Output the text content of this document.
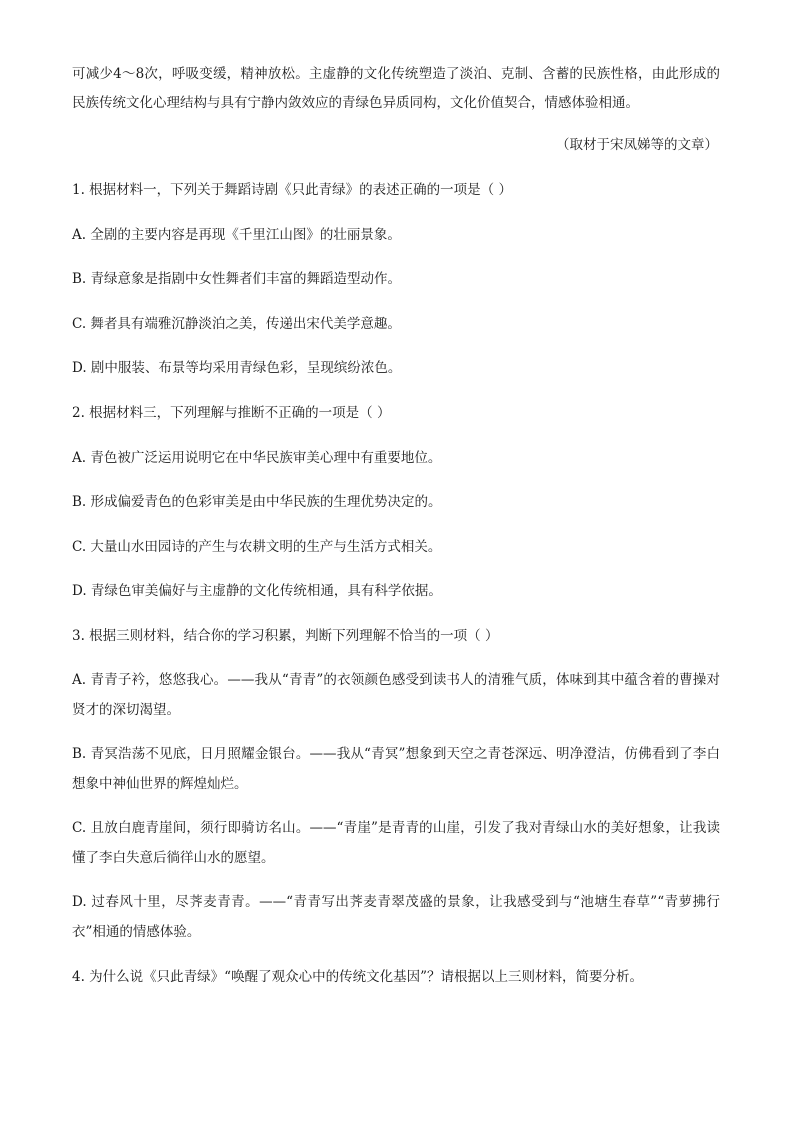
可减少4～8次，呼吸变缓，精神放松。主虚静的文化传统塑造了淡泊、克制、含蓄的民族性格，由此形成的民族传统文化心理结构与具有宁静内敛效应的青绿色异质同构，文化价值契合，情感体验相通。

（取材于宋凤娣等的文章）

1. 根据材料一，下列关于舞蹈诗剧《只此青绿》的表述正确的一项是（ ）

A. 全剧的主要内容是再现《千里江山图》的壮丽景象。

B. 青绿意象是指剧中女性舞者们丰富的舞蹈造型动作。

C. 舞者具有端雅沉静淡泊之美，传递出宋代美学意趣。

D. 剧中服装、布景等均采用青绿色彩，呈现缤纷浓色。

2. 根据材料三，下列理解与推断不正确的一项是（ ）

A. 青色被广泛运用说明它在中华民族审美心理中有重要地位。

B. 形成偏爱青色的色彩审美是由中华民族的生理优势决定的。

C. 大量山水田园诗的产生与农耕文明的生产与生活方式相关。

D. 青绿色审美偏好与主虚静的文化传统相通，具有科学依据。

3. 根据三则材料，结合你的学习积累，判断下列理解不恰当的一项（ ）

A. 青青子衿，悠悠我心。——我从“青青”的衣领颜色感受到读书人的清雅气质，体味到其中蕴含着的曹操对贤才的深切渴望。

B. 青冥浩荡不见底，日月照耀金银台。——我从“青冥”想象到天空之青苍深远、明净澄洁，仿佛看到了李白想象中神仙世界的辉煌灿烂。

C. 且放白鹿青崖间，须行即骑访名山。——“青崖”是青青的山崖，引发了我对青绿山水的美好想象，让我读懂了李白失意后徜徉山水的愿望。

D. 过春风十里，尽荠麦青青。——“青青写出荠麦青翠茂盛的景象，让我感受到与“池塘生春草”“青萝拂行衣”相通的情感体验。

4. 为什么说《只此青绿》“唤醒了观众心中的传统文化基因”？请根据以上三则材料，简要分析。
